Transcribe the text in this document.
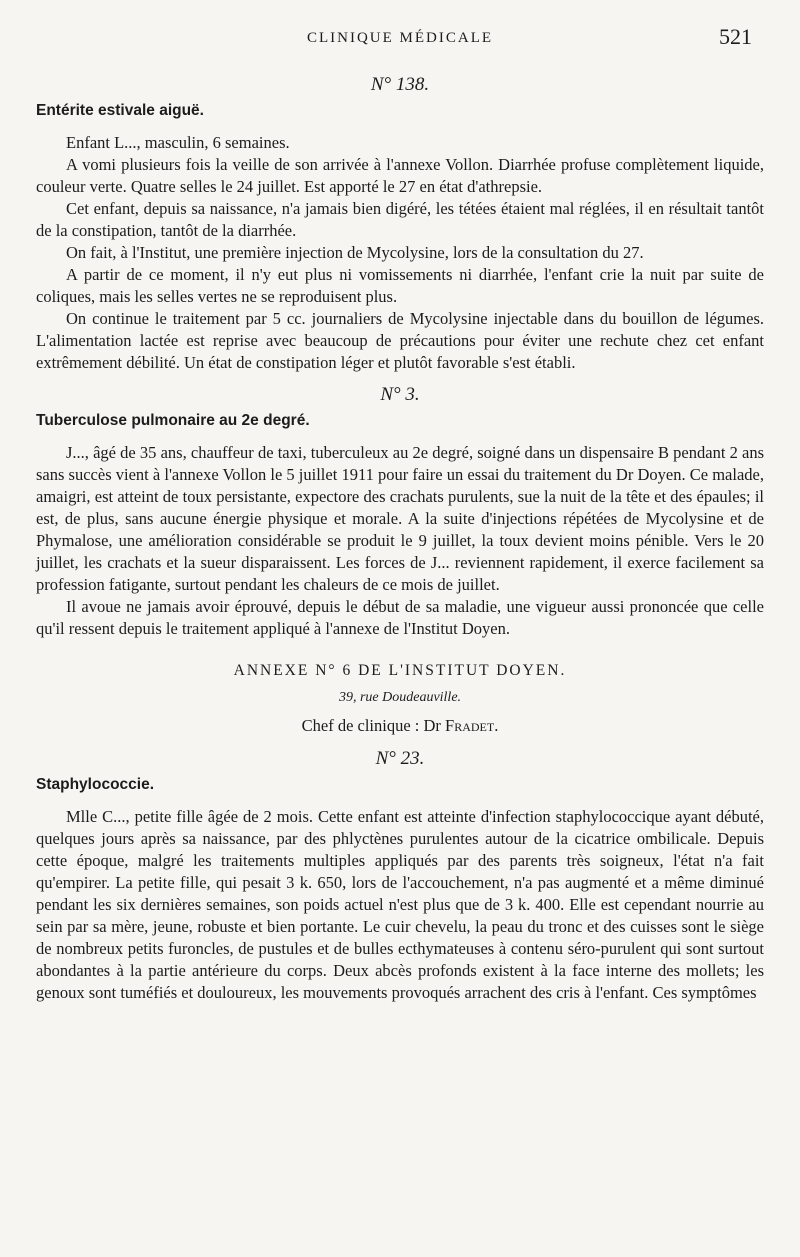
CLINIQUE MÉDICALE	521

N° 138.

Entérite estivale aiguë.

Enfant L..., masculin, 6 semaines.

A vomi plusieurs fois la veille de son arrivée à l'annexe Vollon. Diarrhée profuse complètement liquide, couleur verte. Quatre selles le 24 juillet. Est apporté le 27 en état d'athrepsie.

Cet enfant, depuis sa naissance, n'a jamais bien digéré, les tétées étaient mal réglées, il en résultait tantôt de la constipation, tantôt de la diarrhée.

On fait, à l'Institut, une première injection de Mycolysine, lors de la consultation du 27.

A partir de ce moment, il n'y eut plus ni vomissements ni diarrhée, l'enfant crie la nuit par suite de coliques, mais les selles vertes ne se reproduisent plus.

On continue le traitement par 5 cc. journaliers de Mycolysine injectable dans du bouillon de légumes. L'alimentation lactée est reprise avec beaucoup de précautions pour éviter une rechute chez cet enfant extrêmement débilité. Un état de constipation léger et plutôt favorable s'est établi.

N° 3.

Tuberculose pulmonaire au 2e degré.

J..., âgé de 35 ans, chauffeur de taxi, tuberculeux au 2e degré, soigné dans un dispensaire B pendant 2 ans sans succès vient à l'annexe Vollon le 5 juillet 1911 pour faire un essai du traitement du Dr Doyen. Ce malade, amaigri, est atteint de toux persistante, expectore des crachats purulents, sue la nuit de la tête et des épaules; il est, de plus, sans aucune énergie physique et morale. A la suite d'injections répétées de Mycolysine et de Phymalose, une amélioration considérable se produit le 9 juillet, la toux devient moins pénible. Vers le 20 juillet, les crachats et la sueur disparaissent. Les forces de J... reviennent rapidement, il exerce facilement sa profession fatigante, surtout pendant les chaleurs de ce mois de juillet.

Il avoue ne jamais avoir éprouvé, depuis le début de sa maladie, une vigueur aussi prononcée que celle qu'il ressent depuis le traitement appliqué à l'annexe de l'Institut Doyen.

ANNEXE N° 6 DE L'INSTITUT DOYEN.
39, rue Doudeauville.
Chef de clinique : Dr Fradet.

N° 23.

Staphylococcie.

Mlle C..., petite fille âgée de 2 mois. Cette enfant est atteinte d'infection staphylococcique ayant débuté, quelques jours après sa naissance, par des phlyctènes purulentes autour de la cicatrice ombilicale. Depuis cette époque, malgré les traitements multiples appliqués par des parents très soigneux, l'état n'a fait qu'empirer. La petite fille, qui pesait 3 k. 650, lors de l'accouchement, n'a pas augmenté et a même diminué pendant les six dernières semaines, son poids actuel n'est plus que de 3 k. 400. Elle est cependant nourrie au sein par sa mère, jeune, robuste et bien portante. Le cuir chevelu, la peau du tronc et des cuisses sont le siège de nombreux petits furoncles, de pustules et de bulles ecthymateuses à contenu séro-purulent qui sont surtout abondantes à la partie antérieure du corps. Deux abcès profonds existent à la face interne des mollets; les genoux sont tuméfiés et douloureux, les mouvements provoqués arrachent des cris à l'enfant. Ces symptômes
